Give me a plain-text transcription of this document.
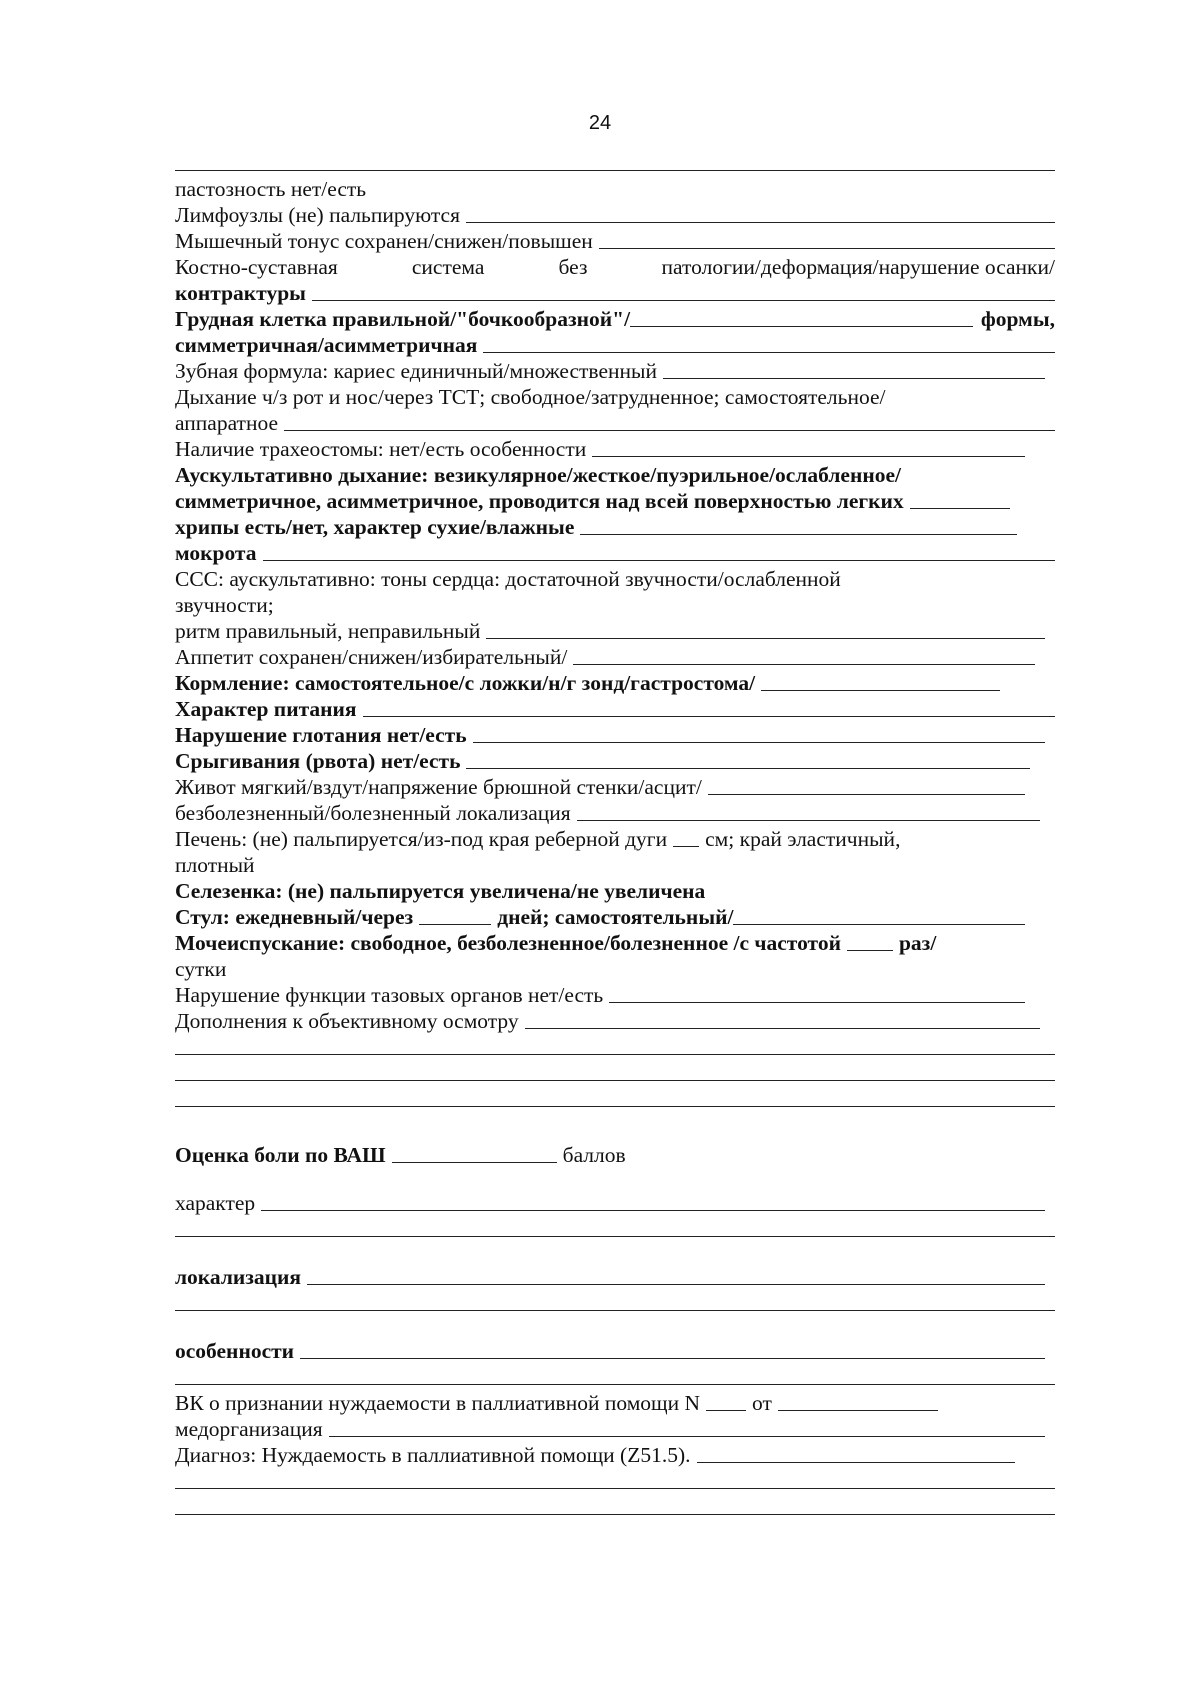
24
пастозность нет/есть
Лимфоузлы (не) пальпируются
Мышечный тонус сохранен/снижен/повышен
Костно-суставная	система	без	патологии/деформация/нарушение осанки/
контрактуры
Грудная клетка правильной/"бочкообразной"/	формы,
симметричная/асимметричная
Зубная формула: кариес единичный/множественный
Дыхание ч/з рот и нос/через ТСТ; свободное/затрудненное; самостоятельное/
аппаратное
Наличие трахеостомы: нет/есть особенности
Аускультативно дыхание: везикулярное/жесткое/пуэрильное/ослабленное/
симметричное, асимметричное, проводится над всей поверхностью легких
хрипы есть/нет, характер сухие/влажные
мокрота
ССС: аускультативно: тоны сердца: достаточной звучности/ослабленной
звучности;
ритм правильный, неправильный
Аппетит сохранен/снижен/избирательный/
Кормление: самостоятельное/с ложки/н/г зонд/гастростома/
Характер питания
Нарушение глотания нет/есть
Срыгивания (рвота) нет/есть
Живот мягкий/вздут/напряжение брюшной стенки/асцит/
безболезненный/болезненный локализация
Печень: (не) пальпируется/из-под края реберной дуги см; край эластичный,
плотный
Селезенка: (не) пальпируется увеличена/не увеличена
Стул: ежедневный/через	дней; самостоятельный/
Мочеиспускание: свободное, безболезненное/болезненное /с частотой	раз/
сутки
Нарушение функции тазовых органов нет/есть
Дополнения к объективному осмотру
Оценка боли по ВАШ	баллов
характер
локализация
особенности
ВК о признании нуждаемости в паллиативной помощи N от
медорганизация
Диагноз: Нуждаемость в паллиативной помощи (Z51.5).
